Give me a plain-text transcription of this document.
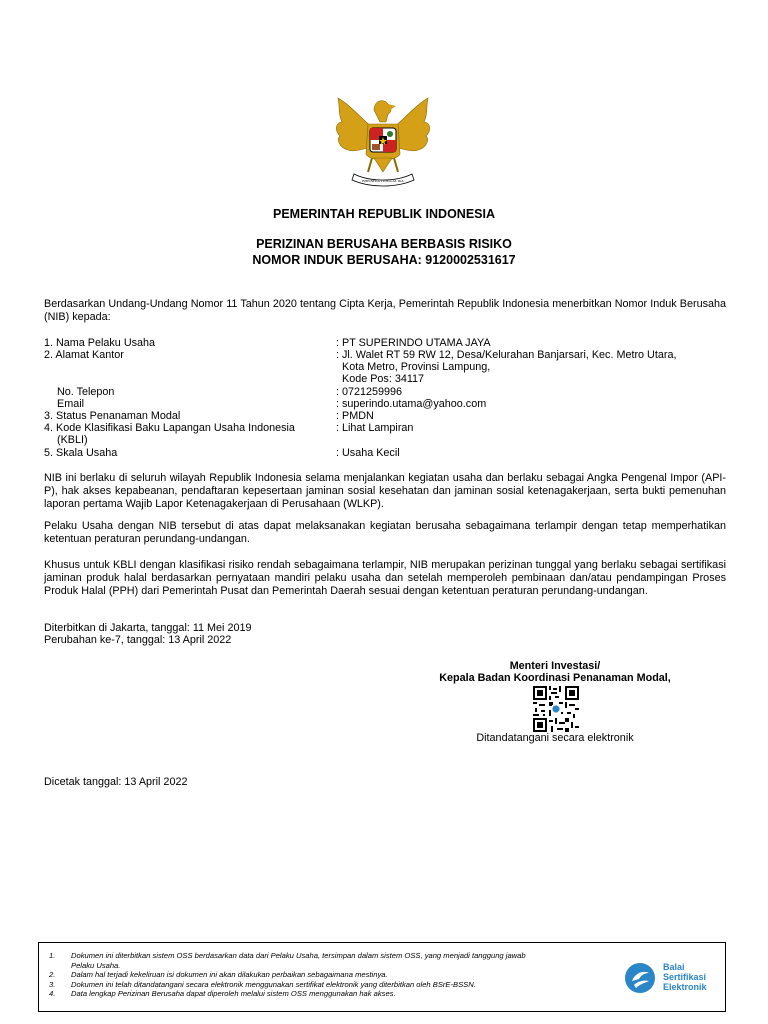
BHINNEKA TUNGGAL IKA
PEMERINTAH REPUBLIK INDONESIA
PERIZINAN BERUSAHA BERBASIS RISIKO
NOMOR INDUK BERUSAHA: 9120002531617
Berdasarkan Undang-Undang Nomor 11 Tahun 2020 tentang Cipta Kerja, Pemerintah Republik Indonesia menerbitkan Nomor Induk Berusaha (NIB) kepada:
1. Nama Pelaku Usaha	: PT SUPERINDO UTAMA JAYA
2. Alamat Kantor	: Jl. Walet RT 59 RW 12, Desa/Kelurahan Banjarsari, Kec. Metro Utara,
Kota Metro, Provinsi Lampung,
Kode Pos: 34117
No. Telepon	: 0721259996
Email	: superindo.utama@yahoo.com
3. Status Penanaman Modal	: PMDN
4. Kode Klasifikasi Baku Lapangan Usaha Indonesia
(KBLI)
: Lihat Lampiran
5. Skala Usaha	: Usaha Kecil
NIB ini berlaku di seluruh wilayah Republik Indonesia selama menjalankan kegiatan usaha dan berlaku sebagai Angka Pengenal Impor (API-P), hak akses kepabeanan, pendaftaran kepesertaan jaminan sosial kesehatan dan jaminan sosial ketenagakerjaan, serta bukti pemenuhan laporan pertama Wajib Lapor Ketenagakerjaan di Perusahaan (WLKP).
Pelaku Usaha dengan NIB tersebut di atas dapat melaksanakan kegiatan berusaha sebagaimana terlampir dengan tetap memperhatikan ketentuan peraturan perundang-undangan.
Khusus untuk KBLI dengan klasifikasi risiko rendah sebagaimana terlampir, NIB merupakan perizinan tunggal yang berlaku sebagai sertifikasi jaminan produk halal berdasarkan pernyataan mandiri pelaku usaha dan setelah memperoleh pembinaan dan/atau pendampingan Proses Produk Halal (PPH) dari Pemerintah Pusat dan Pemerintah Daerah sesuai dengan ketentuan peraturan perundang-undangan.
Diterbitkan di Jakarta, tanggal: 11 Mei 2019
Perubahan ke-7, tanggal: 13 April 2022
Menteri Investasi/
Kepala Badan Koordinasi Penanaman Modal,
Ditandatangani secara elektronik
Dicetak tanggal: 13 April 2022
1.	Dokumen ini diterbitkan sistem OSS berdasarkan data dari Pelaku Usaha, tersimpan dalam sistem OSS, yang menjadi tanggung jawab
Pelaku Usaha.
2.	Dalam hal terjadi kekeliruan isi dokumen ini akan dilakukan perbaikan sebagaimana mestinya.
3.	Dokumen ini telah ditandatangani secara elektronik menggunakan sertifikat elektronik yang diterbitkan oleh BSrE-BSSN.
4.	Data lengkap Perizinan Berusaha dapat diperoleh melalui sistem OSS menggunakan hak akses.
Balai
Sertifikasi
Elektronik
